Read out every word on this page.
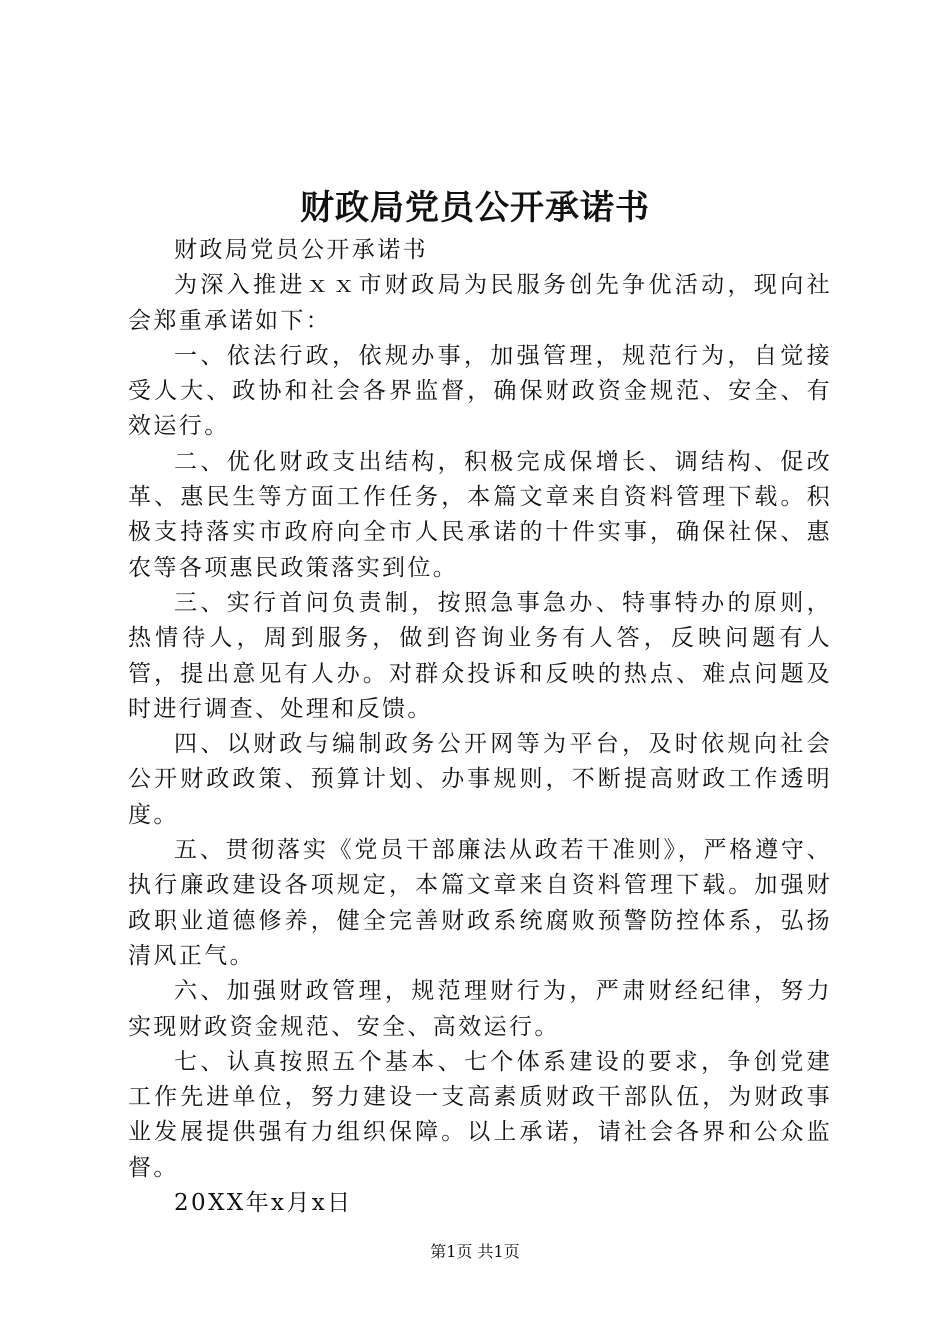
财政局党员公开承诺书

财政局党员公开承诺书

为深入推进ｘｘ市财政局为民服务创先争优活动，现向社会郑重承诺如下：

一、依法行政，依规办事，加强管理，规范行为，自觉接受人大、政协和社会各界监督，确保财政资金规范、安全、有效运行。

二、优化财政支出结构，积极完成保增长、调结构、促改革、惠民生等方面工作任务，本篇文章来自资料管理下载。积极支持落实市政府向全市人民承诺的十件实事，确保社保、惠农等各项惠民政策落实到位。

三、实行首问负责制，按照急事急办、特事特办的原则，热情待人，周到服务，做到咨询业务有人答，反映问题有人管，提出意见有人办。对群众投诉和反映的热点、难点问题及时进行调查、处理和反馈。

四、以财政与编制政务公开网等为平台，及时依规向社会公开财政政策、预算计划、办事规则，不断提高财政工作透明度。

五、贯彻落实《党员干部廉法从政若干准则》，严格遵守、执行廉政建设各项规定，本篇文章来自资料管理下载。加强财政职业道德修养，健全完善财政系统腐败预警防控体系，弘扬清风正气。

六、加强财政管理，规范理财行为，严肃财经纪律，努力实现财政资金规范、安全、高效运行。

七、认真按照五个基本、七个体系建设的要求，争创党建工作先进单位，努力建设一支高素质财政干部队伍，为财政事业发展提供强有力组织保障。以上承诺，请社会各界和公众监督。

20XX年x月x日

第1页 共1页
